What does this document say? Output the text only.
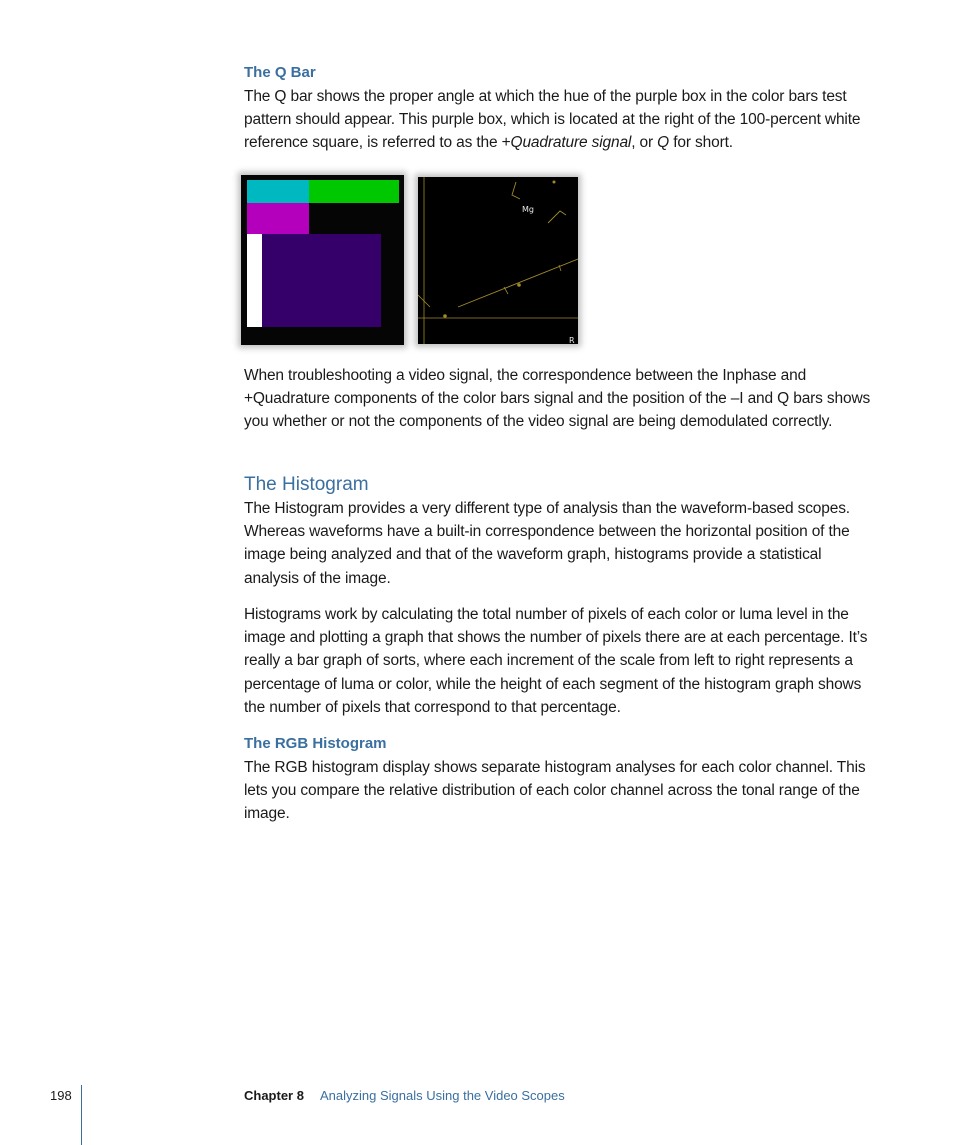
The Q Bar

The Q bar shows the proper angle at which the hue of the purple box in the color bars test pattern should appear. This purple box, which is located at the right of the 100-percent white reference square, is referred to as the +Quadrature signal, or Q for short.

Mg
R

When troubleshooting a video signal, the correspondence between the Inphase and +Quadrature components of the color bars signal and the position of the –I and Q bars shows you whether or not the components of the video signal are being demodulated correctly.

The Histogram

The Histogram provides a very different type of analysis than the waveform-based scopes. Whereas waveforms have a built-in correspondence between the horizontal position of the image being analyzed and that of the waveform graph, histograms provide a statistical analysis of the image.

Histograms work by calculating the total number of pixels of each color or luma level in the image and plotting a graph that shows the number of pixels there are at each percentage. It’s really a bar graph of sorts, where each increment of the scale from left to right represents a percentage of luma or color, while the height of each segment of the histogram graph shows the number of pixels that correspond to that percentage.

The RGB Histogram

The RGB histogram display shows separate histogram analyses for each color channel. This lets you compare the relative distribution of each color channel across the tonal range of the image.

198	Chapter 8 Analyzing Signals Using the Video Scopes
